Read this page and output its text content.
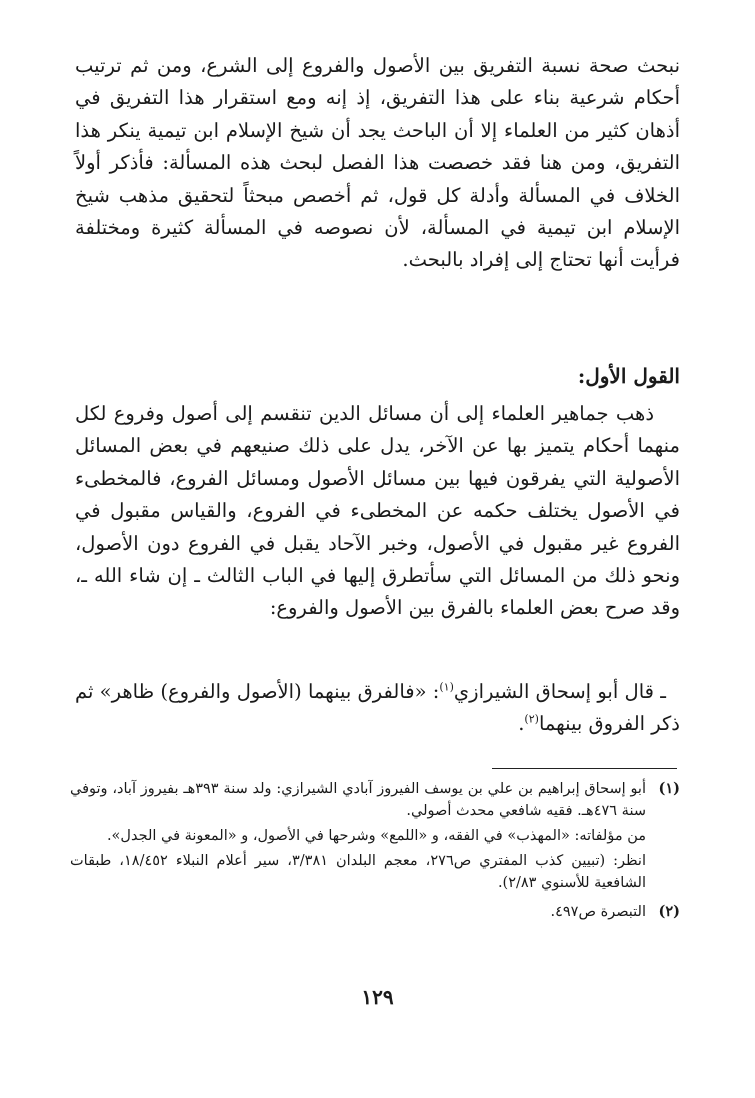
نبحث صحة نسبة التفريق بين الأصول والفروع إلى الشرع، ومن ثم ترتيب أحكام شرعية بناء على هذا التفريق، إذ إنه ومع استقرار هذا التفريق في أذهان كثير من العلماء إلا أن الباحث يجد أن شيخ الإسلام ابن تيمية ينكر هذا التفريق، ومن هنا فقد خصصت هذا الفصل لبحث هذه المسألة: فأذكر أولاً الخلاف في المسألة وأدلة كل قول، ثم أخصص مبحثاً لتحقيق مذهب شيخ الإسلام ابن تيمية في المسألة، لأن نصوصه في المسألة كثيرة ومختلفة فرأيت أنها تحتاج إلى إفراد بالبحث.
القول الأول:
ذهب جماهير العلماء إلى أن مسائل الدين تنقسم إلى أصول وفروع لكل منهما أحكام يتميز بها عن الآخر، يدل على ذلك صنيعهم في بعض المسائل الأصولية التي يفرقون فيها بين مسائل الأصول ومسائل الفروع، فالمخطىء في الأصول يختلف حكمه عن المخطىء في الفروع، والقياس مقبول في الفروع غير مقبول في الأصول، وخبر الآحاد يقبل في الفروع دون الأصول، ونحو ذلك من المسائل التي سأتطرق إليها في الباب الثالث ـ إن شاء الله ـ، وقد صرح بعض العلماء بالفرق بين الأصول والفروع:
ـ قال أبو إسحاق الشيرازي$^{(١)}$: «فالفرق بينهما (الأصول والفروع) ظاهر» ثم ذكر الفروق بينهما$^{(٢)}$.
(١)

أبو إسحاق إبراهيم بن علي بن يوسف الفيروز آبادي الشيرازي: ولد سنة ٣٩٣هـ بفيروز آباد، وتوفي سنة ٤٧٦هـ. فقيه شافعي محدث أصولي.

من مؤلفاته: «المهذب» في الفقه، و «اللمع» وشرحها في الأصول، و «المعونة في الجدل».

انظر: (تبيين كذب المفتري ص٢٧٦، معجم البلدان ٣/٣٨١، سير أعلام النبلاء ١٨/٤٥٢، طبقات الشافعية للأسنوي ٢/٨٣).

(٢)

التبصرة ص٤٩٧.

١٢٩
